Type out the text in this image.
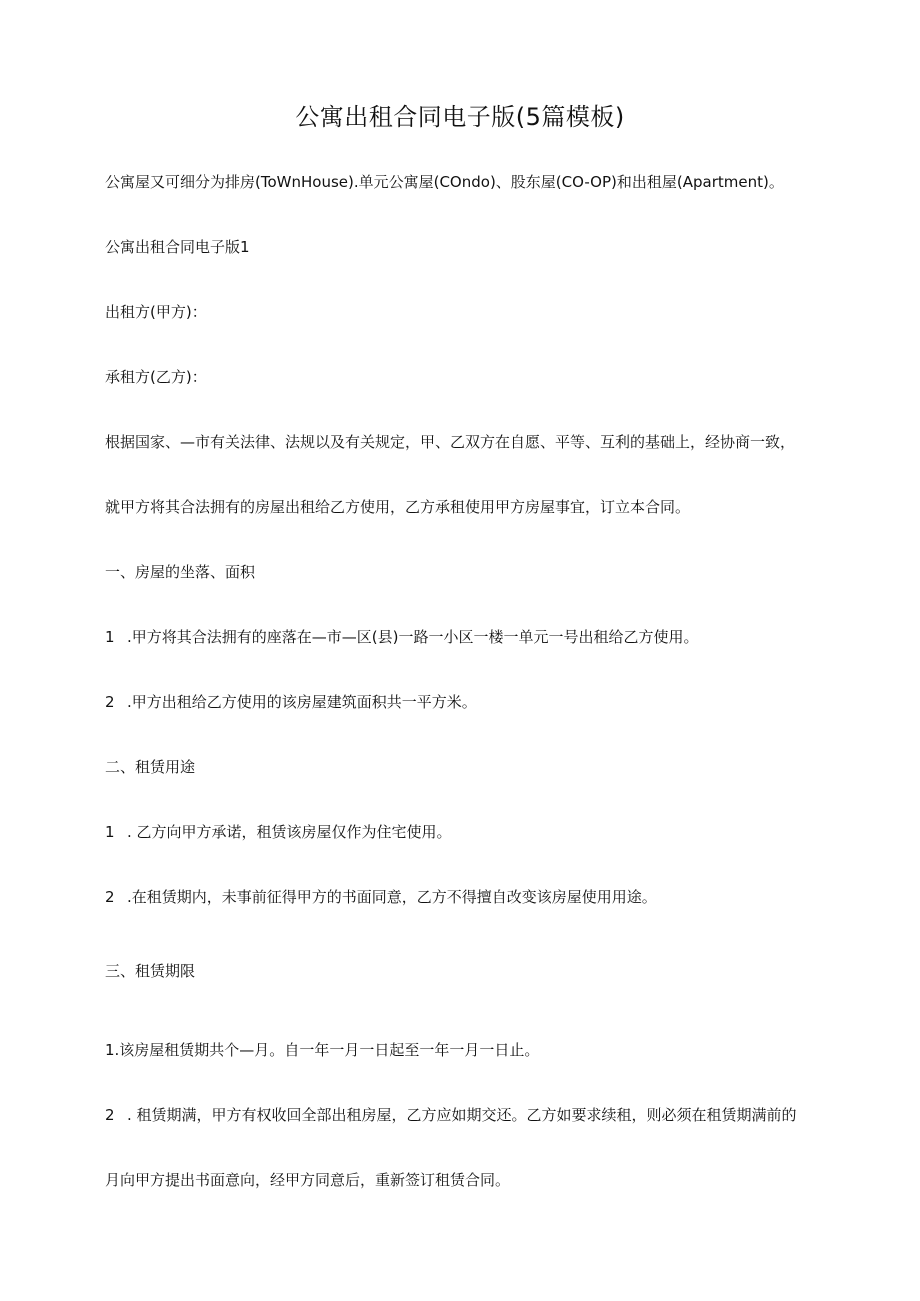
公寓出租合同电子版(5篇模板)

公寓屋又可细分为排房(ToWnHouse).单元公寓屋(COndo)、股东屋(CO-OP)和出租屋(Apartment)。

公寓出租合同电子版1

出租方(甲方)：

承租方(乙方)：

根据国家、—市有关法律、法规以及有关规定，甲、乙双方在自愿、平等、互利的基础上，经协商一致，

就甲方将其合法拥有的房屋出租给乙方使用，乙方承租使用甲方房屋事宜，订立本合同。

一、房屋的坐落、面积

1 .甲方将其合法拥有的座落在—市—区(县)一路一小区一楼一单元一号出租给乙方使用。

2 .甲方出租给乙方使用的该房屋建筑面积共一平方米。

二、租赁用途

1 . 乙方向甲方承诺，租赁该房屋仅作为住宅使用。

2 .在租赁期内，未事前征得甲方的书面同意，乙方不得擅自改变该房屋使用用途。

三、租赁期限

1.该房屋租赁期共个—月。自一年一月一日起至一年一月一日止。

2 . 租赁期满，甲方有权收回全部出租房屋，乙方应如期交还。乙方如要求续租，则必须在租赁期满前的

月向甲方提出书面意向，经甲方同意后，重新签订租赁合同。
